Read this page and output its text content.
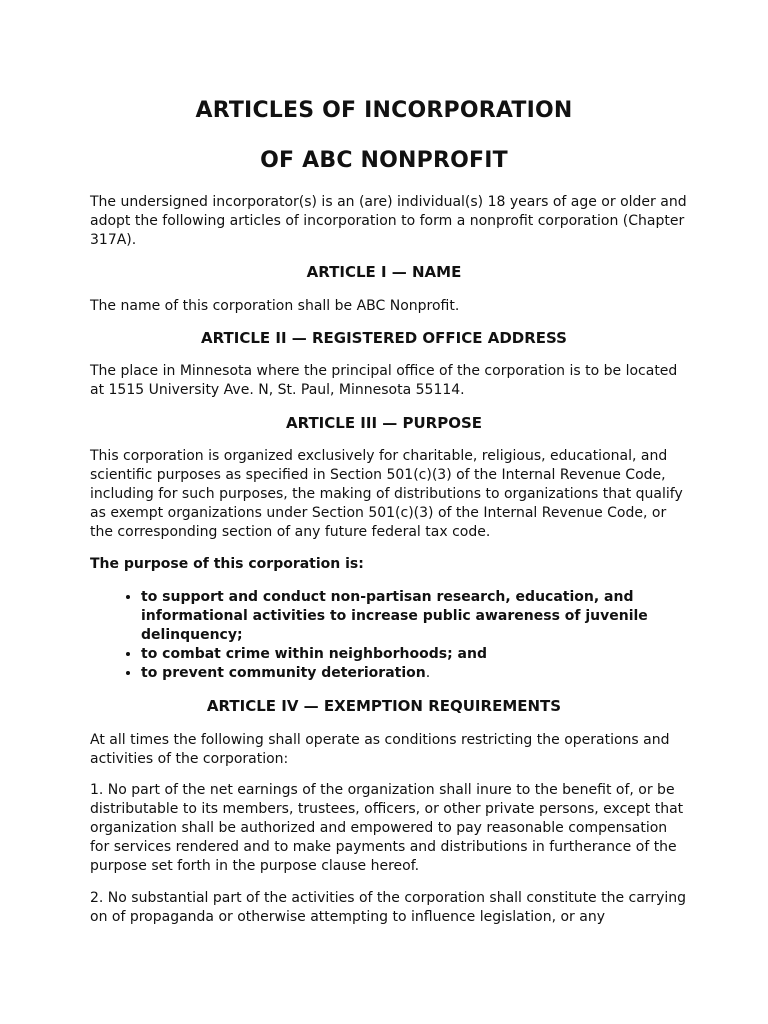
ARTICLES OF INCORPORATION
OF ABC NONPROFIT

The undersigned incorporator(s) is an (are) individual(s) 18 years of age or older and adopt the following articles of incorporation to form a nonprofit corporation (Chapter 317A).

ARTICLE I — NAME

The name of this corporation shall be ABC Nonprofit.

ARTICLE II — REGISTERED OFFICE ADDRESS

The place in Minnesota where the principal office of the corporation is to be located at 1515 University Ave. N, St. Paul, Minnesota 55114.

ARTICLE III — PURPOSE

This corporation is organized exclusively for charitable, religious, educational, and scientific purposes as specified in Section 501(c)(3) of the Internal Revenue Code, including for such purposes, the making of distributions to organizations that qualify as exempt organizations under Section 501(c)(3) of the Internal Revenue Code, or the corresponding section of any future federal tax code.

The purpose of this corporation is:

• to support and conduct non-partisan research, education, and informational activities to increase public awareness of juvenile delinquency;
• to combat crime within neighborhoods; and
• to prevent community deterioration.
ARTICLE IV — EXEMPTION REQUIREMENTS

At all times the following shall operate as conditions restricting the operations and activities of the corporation:

1. No part of the net earnings of the organization shall inure to the benefit of, or be distributable to its members, trustees, officers, or other private persons, except that organization shall be authorized and empowered to pay reasonable compensation for services rendered and to make payments and distributions in furtherance of the purpose set forth in the purpose clause hereof.

2. No substantial part of the activities of the corporation shall constitute the carrying on of propaganda or otherwise attempting to influence legislation, or any
